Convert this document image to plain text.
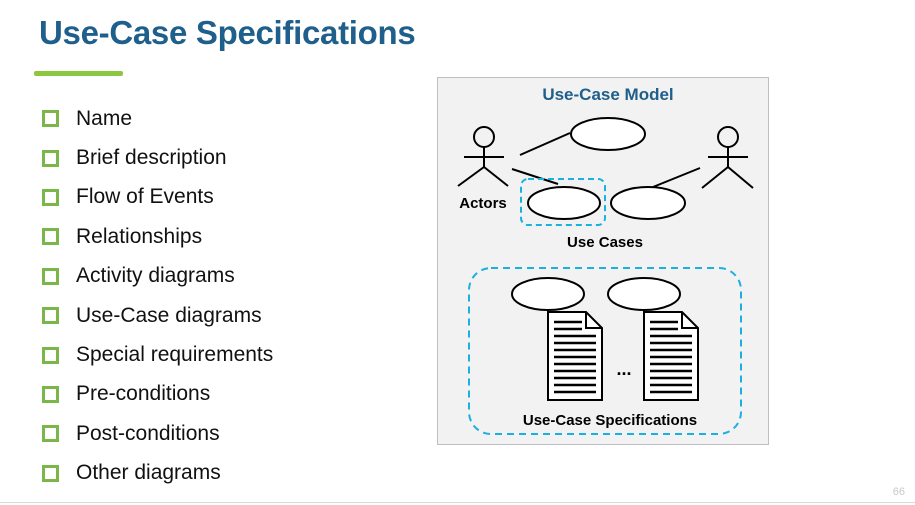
Use-Case Specifications
Name
Brief description
Flow of Events
Relationships
Activity diagrams
Use-Case diagrams
Special requirements
Pre-conditions
Post-conditions
Other diagrams
Use-Case Model
Actors
Use Cases
...
Use-Case Specifications
66
